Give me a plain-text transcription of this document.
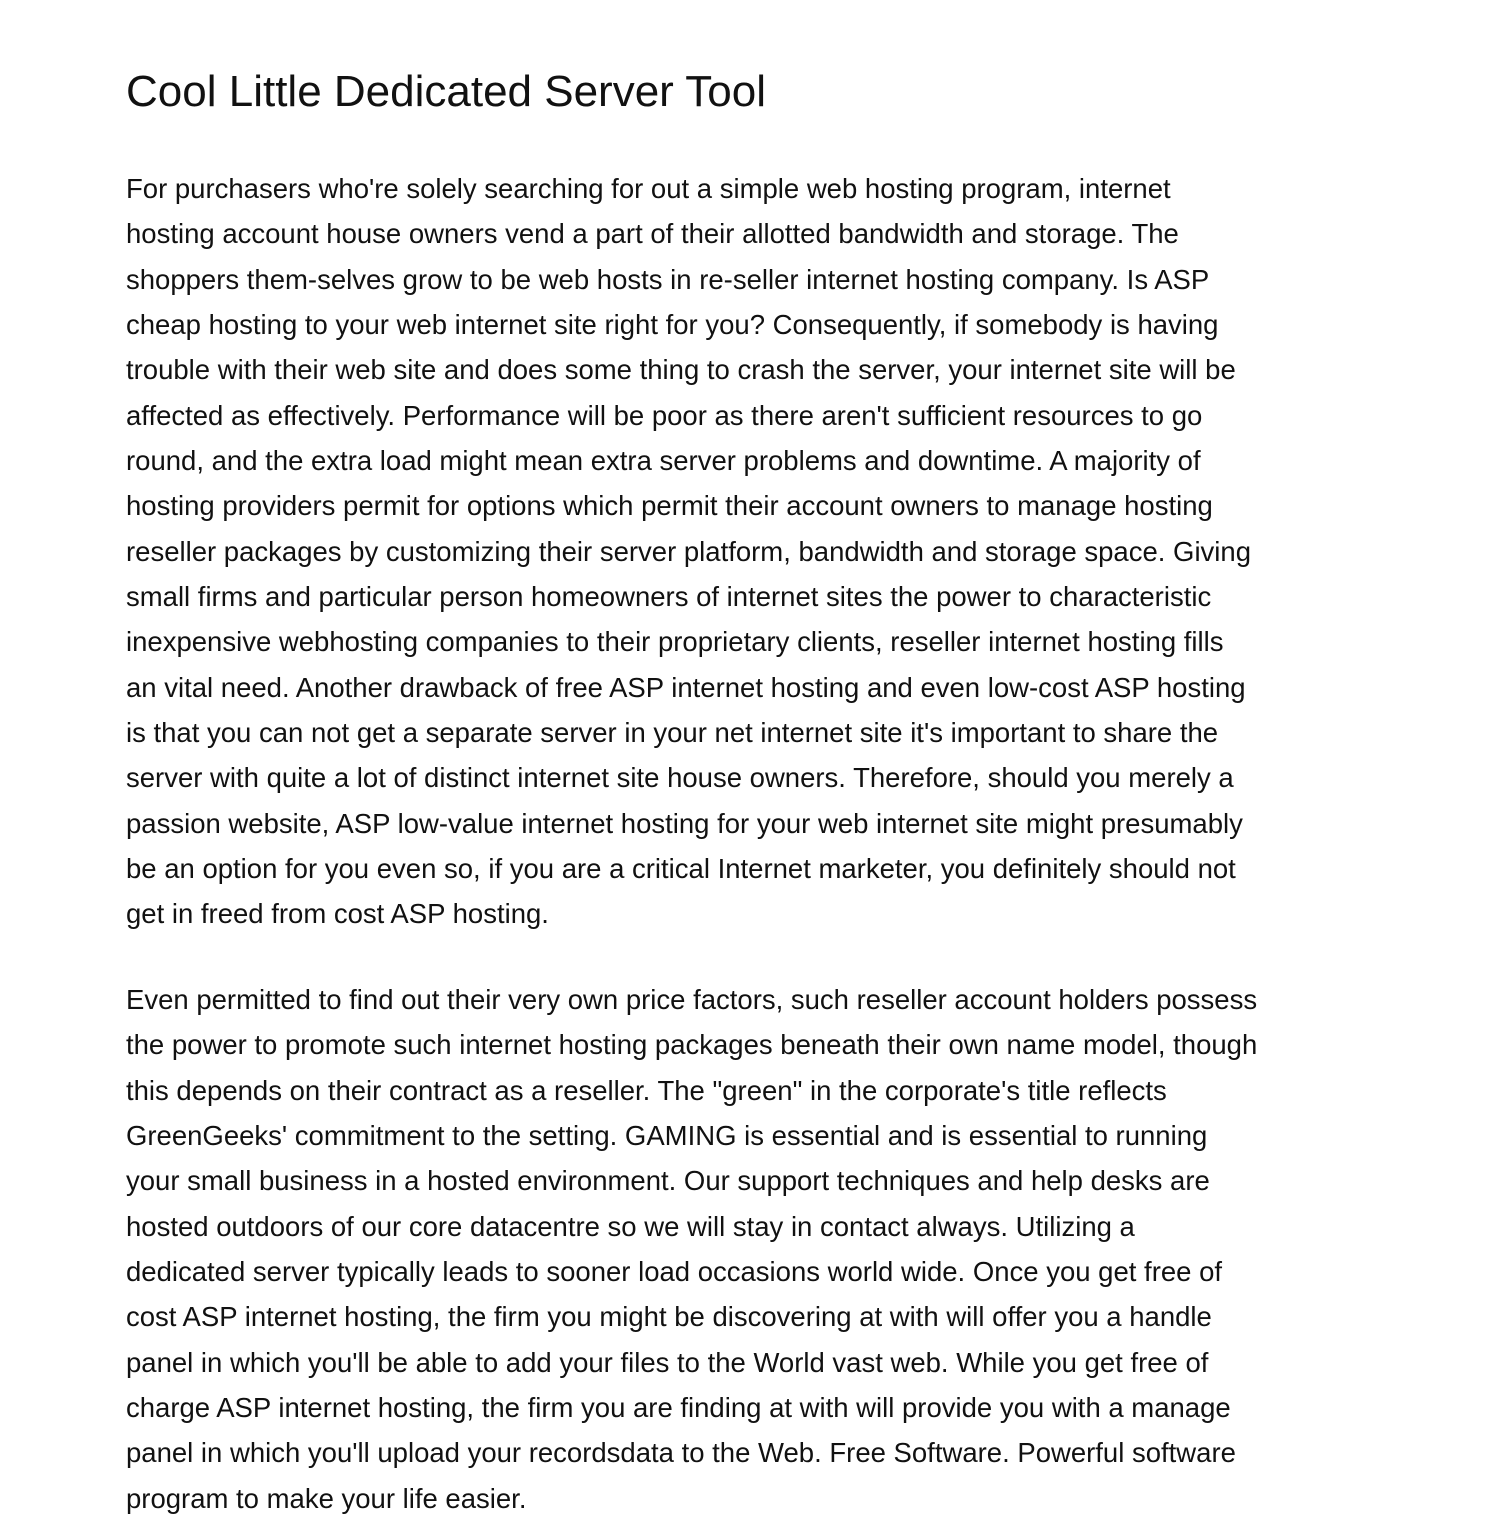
Cool Little Dedicated Server Tool

For purchasers who're solely searching for out a simple web hosting program, internet
hosting account house owners vend a part of their allotted bandwidth and storage. The
shoppers them-selves grow to be web hosts in re-seller internet hosting company. Is ASP
cheap hosting to your web internet site right for you? Consequently, if somebody is having
trouble with their web site and does some thing to crash the server, your internet site will be
affected as effectively. Performance will be poor as there aren't sufficient resources to go
round, and the extra load might mean extra server problems and downtime. A majority of
hosting providers permit for options which permit their account owners to manage hosting
reseller packages by customizing their server platform, bandwidth and storage space. Giving
small firms and particular person homeowners of internet sites the power to characteristic
inexpensive webhosting companies to their proprietary clients, reseller internet hosting fills
an vital need. Another drawback of free ASP internet hosting and even low-cost ASP hosting
is that you can not get a separate server in your net internet site it's important to share the
server with quite a lot of distinct internet site house owners. Therefore, should you merely a
passion website, ASP low-value internet hosting for your web internet site might presumably
be an option for you even so, if you are a critical Internet marketer, you definitely should not
get in freed from cost ASP hosting.

Even permitted to find out their very own price factors, such reseller account holders possess
the power to promote such internet hosting packages beneath their own name model, though
this depends on their contract as a reseller. The "green" in the corporate's title reflects
GreenGeeks' commitment to the setting. GAMING is essential and is essential to running
your small business in a hosted environment. Our support techniques and help desks are
hosted outdoors of our core datacentre so we will stay in contact always. Utilizing a
dedicated server typically leads to sooner load occasions world wide. Once you get free of
cost ASP internet hosting, the firm you might be discovering at with will offer you a handle
panel in which you'll be able to add your files to the World vast web. While you get free of
charge ASP internet hosting, the firm you are finding at with will provide you with a manage
panel in which you'll upload your recordsdata to the Web. Free Software. Powerful software
program to make your life easier.
